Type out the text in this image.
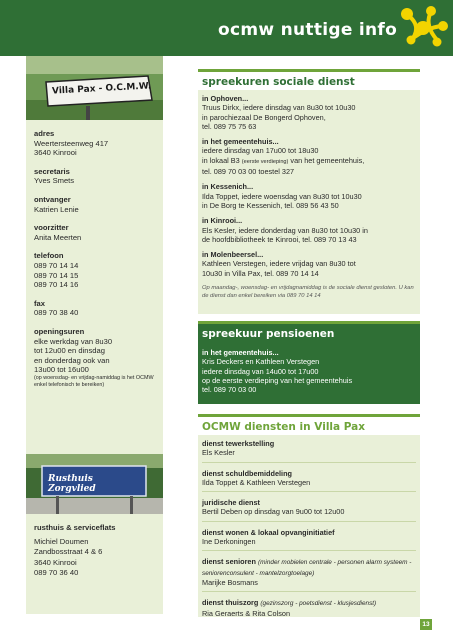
ocmw nuttige info
Villa Pax - O.C.M.W.
adres
Weertersteenweg 417
3640 Kinrooi
secretaris
Yves Smets
ontvanger
Katrien Lenie
voorzitter
Anita Meerten
telefoon
089 70 14 14
089 70 14 15
089 70 14 16
fax
089 70 38 40
openingsuren
elke werkdag van 8u30
tot 12u00 en dinsdag
en donderdag ook van
13u00 tot 16u00
(op woensdag- en vrijdag-namiddag is het OCMW enkel telefonisch te bereiken)
Rusthuis Zorgvlied
rusthuis & serviceflats
Michiel Doumen
Zandbosstraat 4 & 6
3640 Kinrooi
089 70 36 40
spreekuren sociale dienst
in Ophoven...
Truus Dirkx, iedere dinsdag van 8u30 tot 10u30
in parochiezaal De Bongerd Ophoven,
tel. 089 75 75 63
in het gemeentehuis...
iedere dinsdag van 17u00 tot 18u30
in lokaal B3 (eerste verdieping) van het gemeentehuis,
tel. 089 70 03 00 toestel 327
in Kessenich...
Ilda Toppet, iedere woensdag van 8u30 tot 10u30
in De Borg te Kessenich, tel. 089 56 43 50
in Kinrooi...
Els Kesler, iedere donderdag van 8u30 tot 10u30 in
de hoofdbibliotheek te Kinrooi, tel. 089 70 13 43
in Molenbeersel...
Kathleen Verstegen, iedere vrijdag van 8u30 tot
10u30 in Villa Pax, tel. 089 70 14 14
Op maandag-, woensdag- en vrijdagnamiddag is de sociale dienst gesloten. U kan de dienst dan enkel bereiken via 089 70 14 14
spreekuur pensioenen
in het gemeentehuis...
Kris Deckers en Kathleen Verstegen
iedere dinsdag van 14u00 tot 17u00
op de eerste verdieping van het gemeentehuis
tel. 089 70 03 00
OCMW diensten in Villa Pax
dienst tewerkstelling
Els Kesler
dienst schuldbemiddeling
Ilda Toppet & Kathleen Verstegen
juridische dienst
Bertil Deben op dinsdag van 9u00 tot 12u00
dienst wonen & lokaal opvanginitiatief
Ine Derkoningen
dienst senioren (minder mobielen centrale - personen alarm systeem - seniorenconsulent - mantelzorgtoelage)
Marijke Bosmans
dienst thuiszorg (gezinszorg - poetsdienst - klusjesdienst)
Ria Geraerts & Rita Colson
13
